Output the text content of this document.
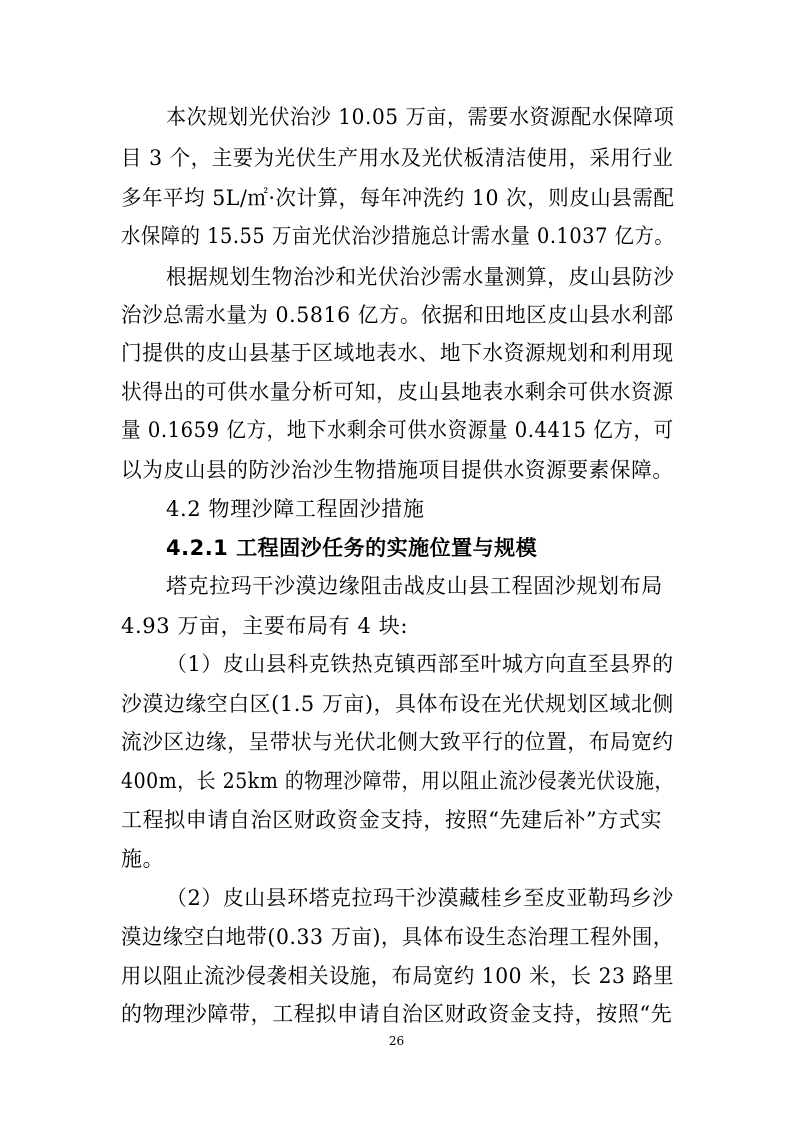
本次规划光伏治沙 10.05 万亩，需要水资源配水保障项
目 3 个，主要为光伏生产用水及光伏板清洁使用，采用行业
多年平均 5L/㎡·次计算，每年冲洗约 10 次，则皮山县需配
水保障的 15.55 万亩光伏治沙措施总计需水量 0.1037 亿方。
根据规划生物治沙和光伏治沙需水量测算，皮山县防沙
治沙总需水量为 0.5816 亿方。依据和田地区皮山县水利部
门提供的皮山县基于区域地表水、地下水资源规划和利用现
状得出的可供水量分析可知，皮山县地表水剩余可供水资源
量 0.1659 亿方，地下水剩余可供水资源量 0.4415 亿方，可
以为皮山县的防沙治沙生物措施项目提供水资源要素保障。
4.2 物理沙障工程固沙措施
4.2.1 工程固沙任务的实施位置与规模
塔克拉玛干沙漠边缘阻击战皮山县工程固沙规划布局
4.93 万亩，主要布局有 4 块:
（1）皮山县科克铁热克镇西部至叶城方向直至县界的
沙漠边缘空白区(1.5 万亩)，具体布设在光伏规划区域北侧
流沙区边缘，呈带状与光伏北侧大致平行的位置，布局宽约
400m，长 25km 的物理沙障带，用以阻止流沙侵袭光伏设施，
工程拟申请自治区财政资金支持，按照“先建后补”方式实
施。
（2）皮山县环塔克拉玛干沙漠藏桂乡至皮亚勒玛乡沙
漠边缘空白地带(0.33 万亩)，具体布设生态治理工程外围，
用以阻止流沙侵袭相关设施，布局宽约 100 米，长 23 路里
的物理沙障带，工程拟申请自治区财政资金支持，按照“先
26
